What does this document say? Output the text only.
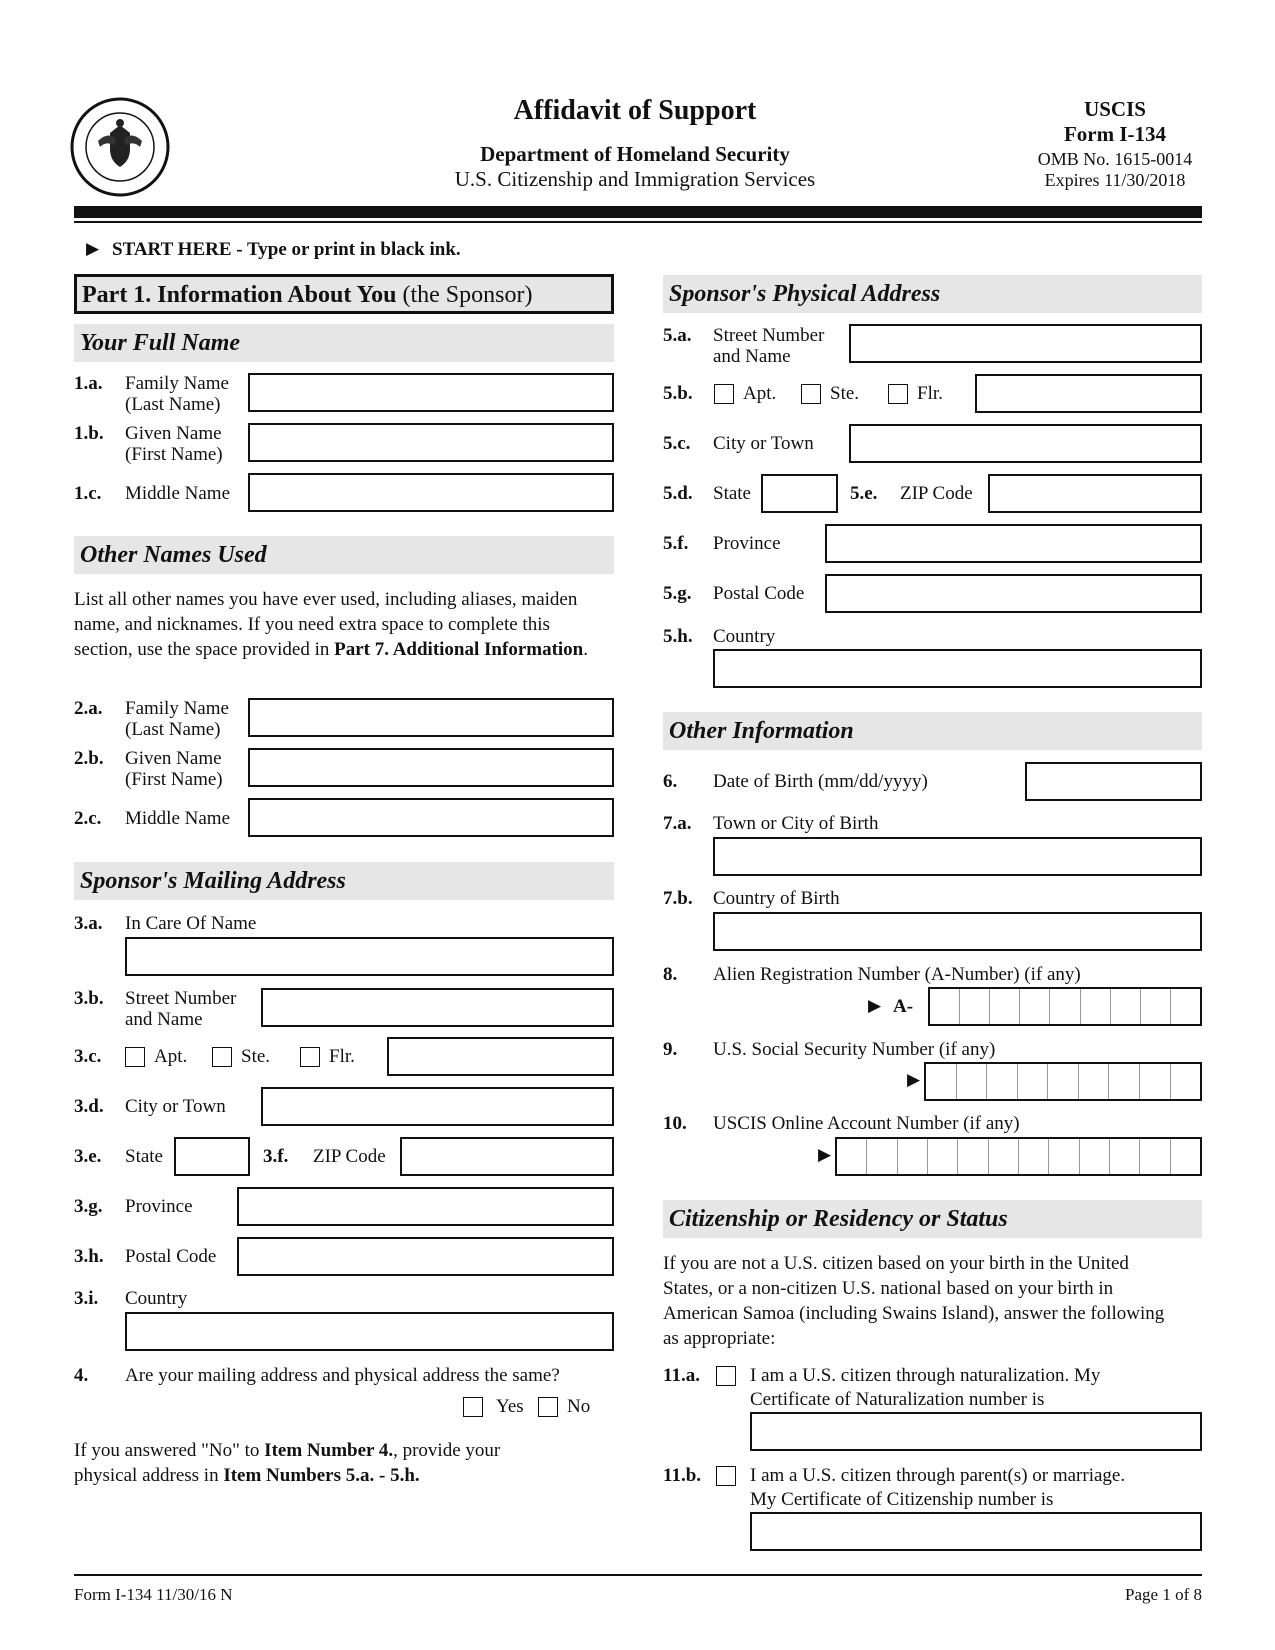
Affidavit of Support
Department of Homeland Security
U.S. Citizenship and Immigration Services
USCIS
Form I-134
OMB No. 1615-0014
Expires 11/30/2018
▶ START HERE - Type or print in black ink.
Part 1. Information About You (the Sponsor)
Your Full Name
1.a. Family Name
(Last Name)
1.b. Given Name
(First Name)
1.c. Middle Name
Other Names Used
List all other names you have ever used, including aliases, maiden name, and nicknames. If you need extra space to complete this section, use the space provided in Part 7. Additional Information.
2.a. Family Name
(Last Name)
2.b. Given Name
(First Name)
2.c. Middle Name
Sponsor's Mailing Address
3.a. In Care Of Name
3.b. Street Number
and Name
3.c.	Apt.	Ste.	Flr.
3.d. City or Town
3.e. State	3.f. ZIP Code
3.g. Province
3.h. Postal Code
3.i. Country
4. Are your mailing address and physical address the same?
Yes No
If you answered "No" to Item Number 4., provide your
physical address in Item Numbers 5.a. - 5.h.
Sponsor's Physical Address
5.a. Street Number
and Name
5.b.	Apt.	Ste.	Flr.
5.c. City or Town
5.d. State	5.e. ZIP Code
5.f. Province
5.g. Postal Code
5.h. Country
Other Information
6. Date of Birth (mm/dd/yyyy)
7.a. Town or City of Birth
7.b. Country of Birth
8. Alien Registration Number (A-Number) (if any)
▶ A-
9. U.S. Social Security Number (if any)
▶
10. USCIS Online Account Number (if any)
▶
Citizenship or Residency or Status
If you are not a U.S. citizen based on your birth in the United States, or a non-citizen U.S. national based on your birth in American Samoa (including Swains Island), answer the following as appropriate:
11.a.	I am a U.S. citizen through naturalization. My
Certificate of Naturalization number is
11.b.	I am a U.S. citizen through parent(s) or marriage.
My Certificate of Citizenship number is
Form I-134 11/30/16 N	Page 1 of 8
